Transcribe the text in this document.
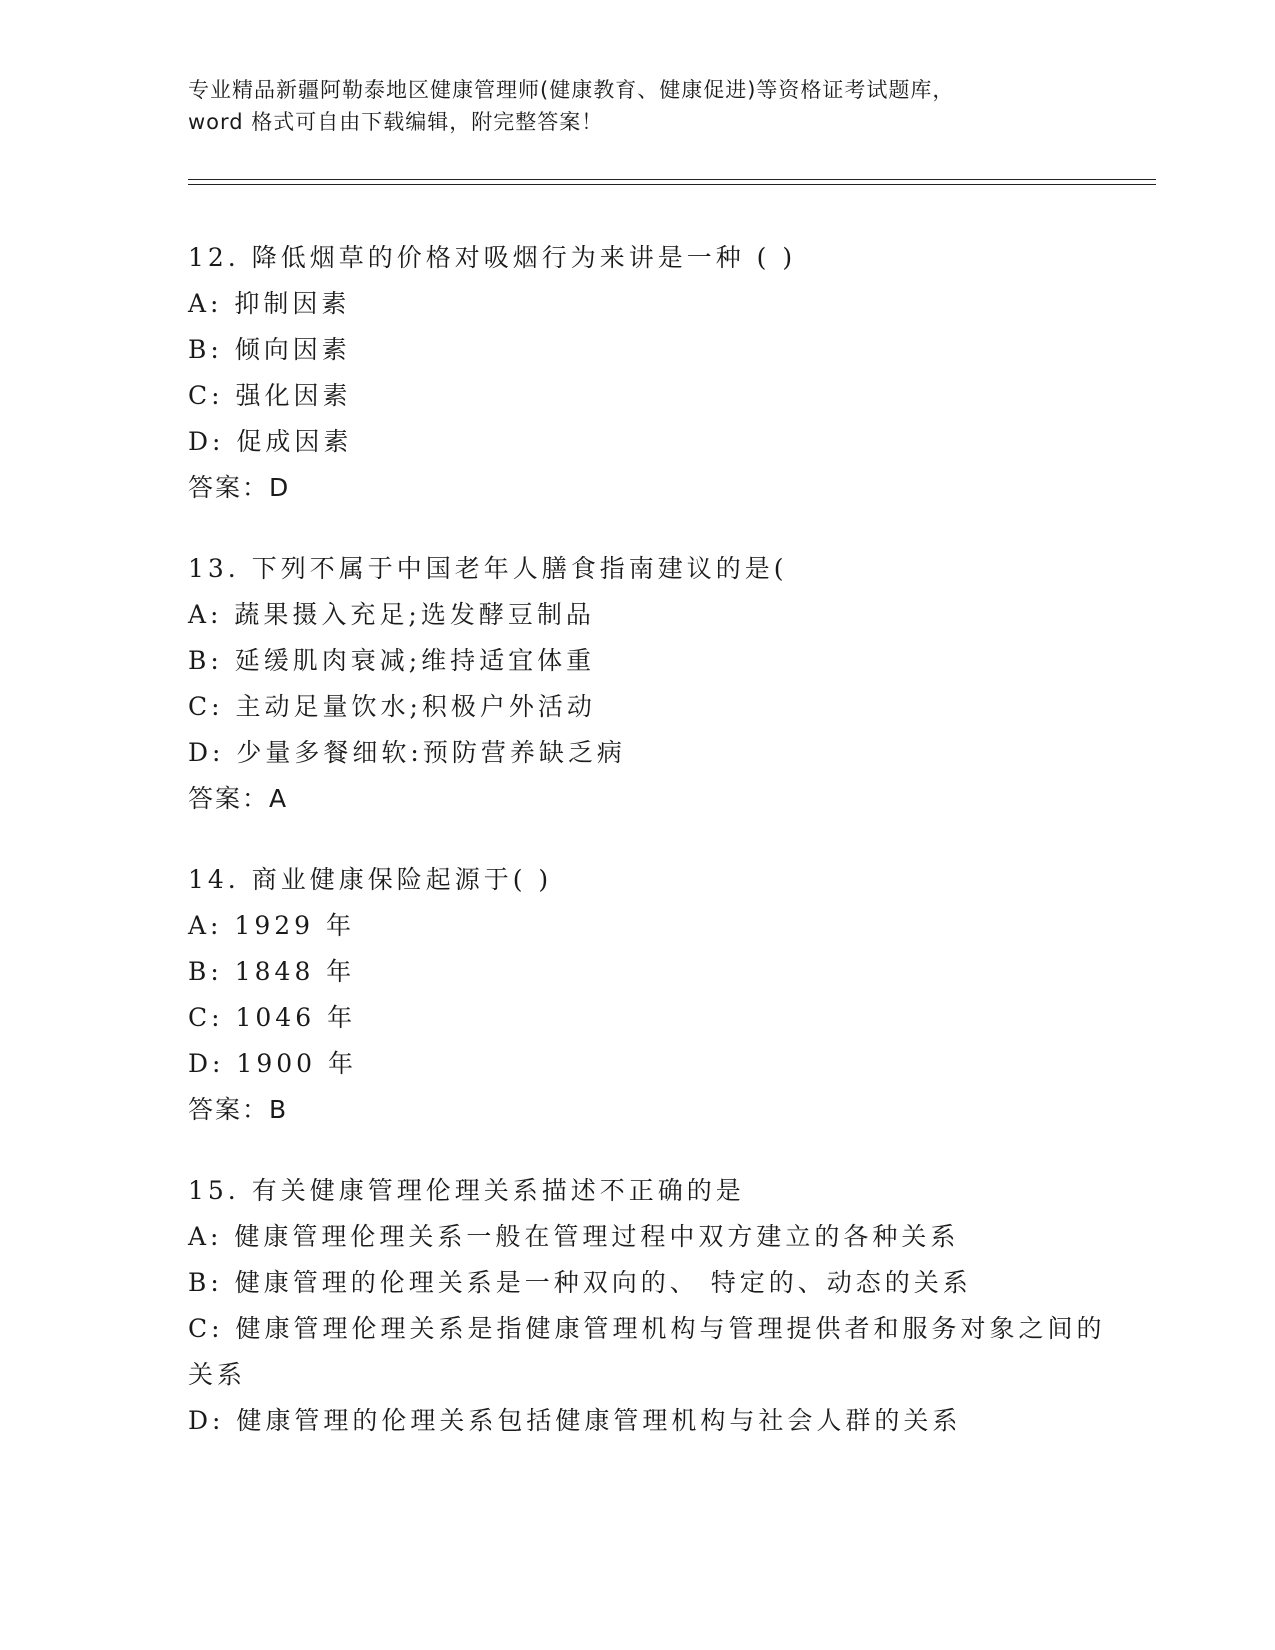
专业精品新疆阿勒泰地区健康管理师(健康教育、健康促进)等资格证考试题库，

word 格式可自由下载编辑，附完整答案！

12. 降低烟草的价格对吸烟行为来讲是一种 ( )
A: 抑制因素
B: 倾向因素
C: 强化因素
D: 促成因素
答案：D
13. 下列不属于中国老年人膳食指南建议的是(
A: 蔬果摄入充足;选发酵豆制品
B: 延缓肌肉衰减;维持适宜体重
C: 主动足量饮水;积极户外活动
D: 少量多餐细软:预防营养缺乏病
答案：A
14. 商业健康保险起源于( )
A: 1929 年
B: 1848 年
C: 1046 年
D: 1900 年
答案：B
15. 有关健康管理伦理关系描述不正确的是
A: 健康管理伦理关系一般在管理过程中双方建立的各种关系
B: 健康管理的伦理关系是一种双向的、 特定的、动态的关系
C: 健康管理伦理关系是指健康管理机构与管理提供者和服务对象之间的关系
D: 健康管理的伦理关系包括健康管理机构与社会人群的关系
